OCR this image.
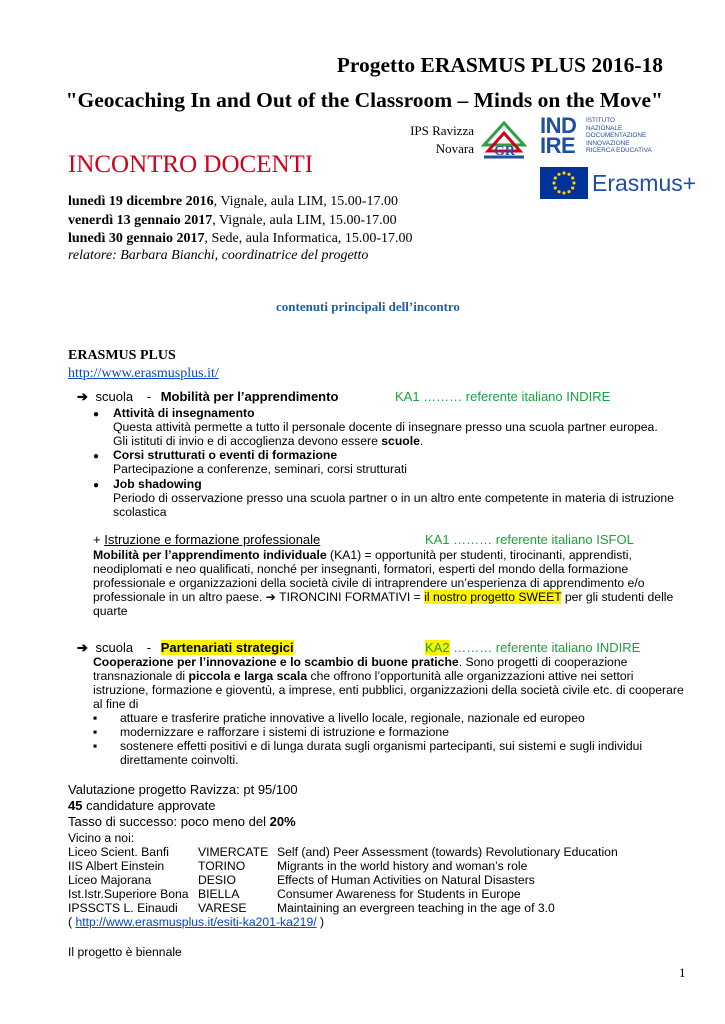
Progetto ERASMUS PLUS 2016-18
"Geocaching In and Out of the Classroom – Minds on the Move"
IPS Ravizza
Novara GR
IND
IRE
ISTITUTO
NAZIONALE
DOCUMENTAZIONE
INNOVAZIONE
RICERCA EDUCATIVA
Erasmus+
INCONTRO DOCENTI
lunedì 19 dicembre 2016, Vignale, aula LIM, 15.00-17.00
venerdì 13 gennaio 2017, Vignale, aula LIM, 15.00-17.00
lunedì 30 gennaio 2017, Sede, aula Informatica, 15.00-17.00
relatore: Barbara Bianchi, coordinatrice del progetto
contenuti principali dell’incontro
ERASMUS PLUS
http://www.erasmusplus.it/
➔ scuola - Mobilità per l’apprendimento	KA1 ……… referente italiano INDIRE
● Attività di insegnamento
Questa attività permette a tutto il personale docente di insegnare presso una scuola partner europea.
Gli istituti di invio e di accoglienza devono essere scuole.
● Corsi strutturati o eventi di formazione
Partecipazione a conferenze, seminari, corsi strutturati
● Job shadowing
Periodo di osservazione presso una scuola partner o in un altro ente competente in materia di istruzione
scolastica
+ Istruzione e formazione professionale	KA1 ……… referente italiano ISFOL
Mobilità per l’apprendimento individuale (KA1) = opportunità per studenti, tirocinanti, apprendisti,
neodiplomati e neo qualificati, nonché per insegnanti, formatori, esperti del mondo della formazione
professionale e organizzazioni della società civile di intraprendere un’esperienza di apprendimento e/o
professionale in un altro paese. ➔ TIRONCINI FORMATIVI = il nostro progetto SWEET per gli studenti delle
quarte
➔ scuola - Partenariati strategici	KA2 ……… referente italiano INDIRE
Cooperazione per l’innovazione e lo scambio di buone pratiche. Sono progetti di cooperazione
transnazionale di piccola e larga scala che offrono l’opportunità alle organizzazioni attive nei settori
istruzione, formazione e gioventù, a imprese, enti pubblici, organizzazioni della società civile etc. di cooperare
al fine di
▪ attuare e trasferire pratiche innovative a livello locale, regionale, nazionale ed europeo
▪ modernizzare e rafforzare i sistemi di istruzione e formazione
▪ sostenere effetti positivi e di lunga durata sugli organismi partecipanti, sui sistemi e sugli individui
direttamente coinvolti.
Valutazione progetto Ravizza: pt 95/100
45 candidature approvate
Tasso di successo: poco meno del 20%
Vicino a noi:
Liceo Scient. Banfi VIMERCATE Self (and) Peer Assessment (towards) Revolutionary Education
IIS Albert Einstein	TORINO	Migrants in the world history and woman’s role
Liceo Majorana	DESIO	Effects of Human Activities on Natural Disasters
Ist.Istr.Superiore Bona BIELLA	Consumer Awareness for Students in Europe
IPSSCTS L. Einaudi VARESE Maintaining an evergreen teaching in the age of 3.0
( http://www.erasmusplus.it/esiti-ka201-ka219/ )
Il progetto è biennale
1
